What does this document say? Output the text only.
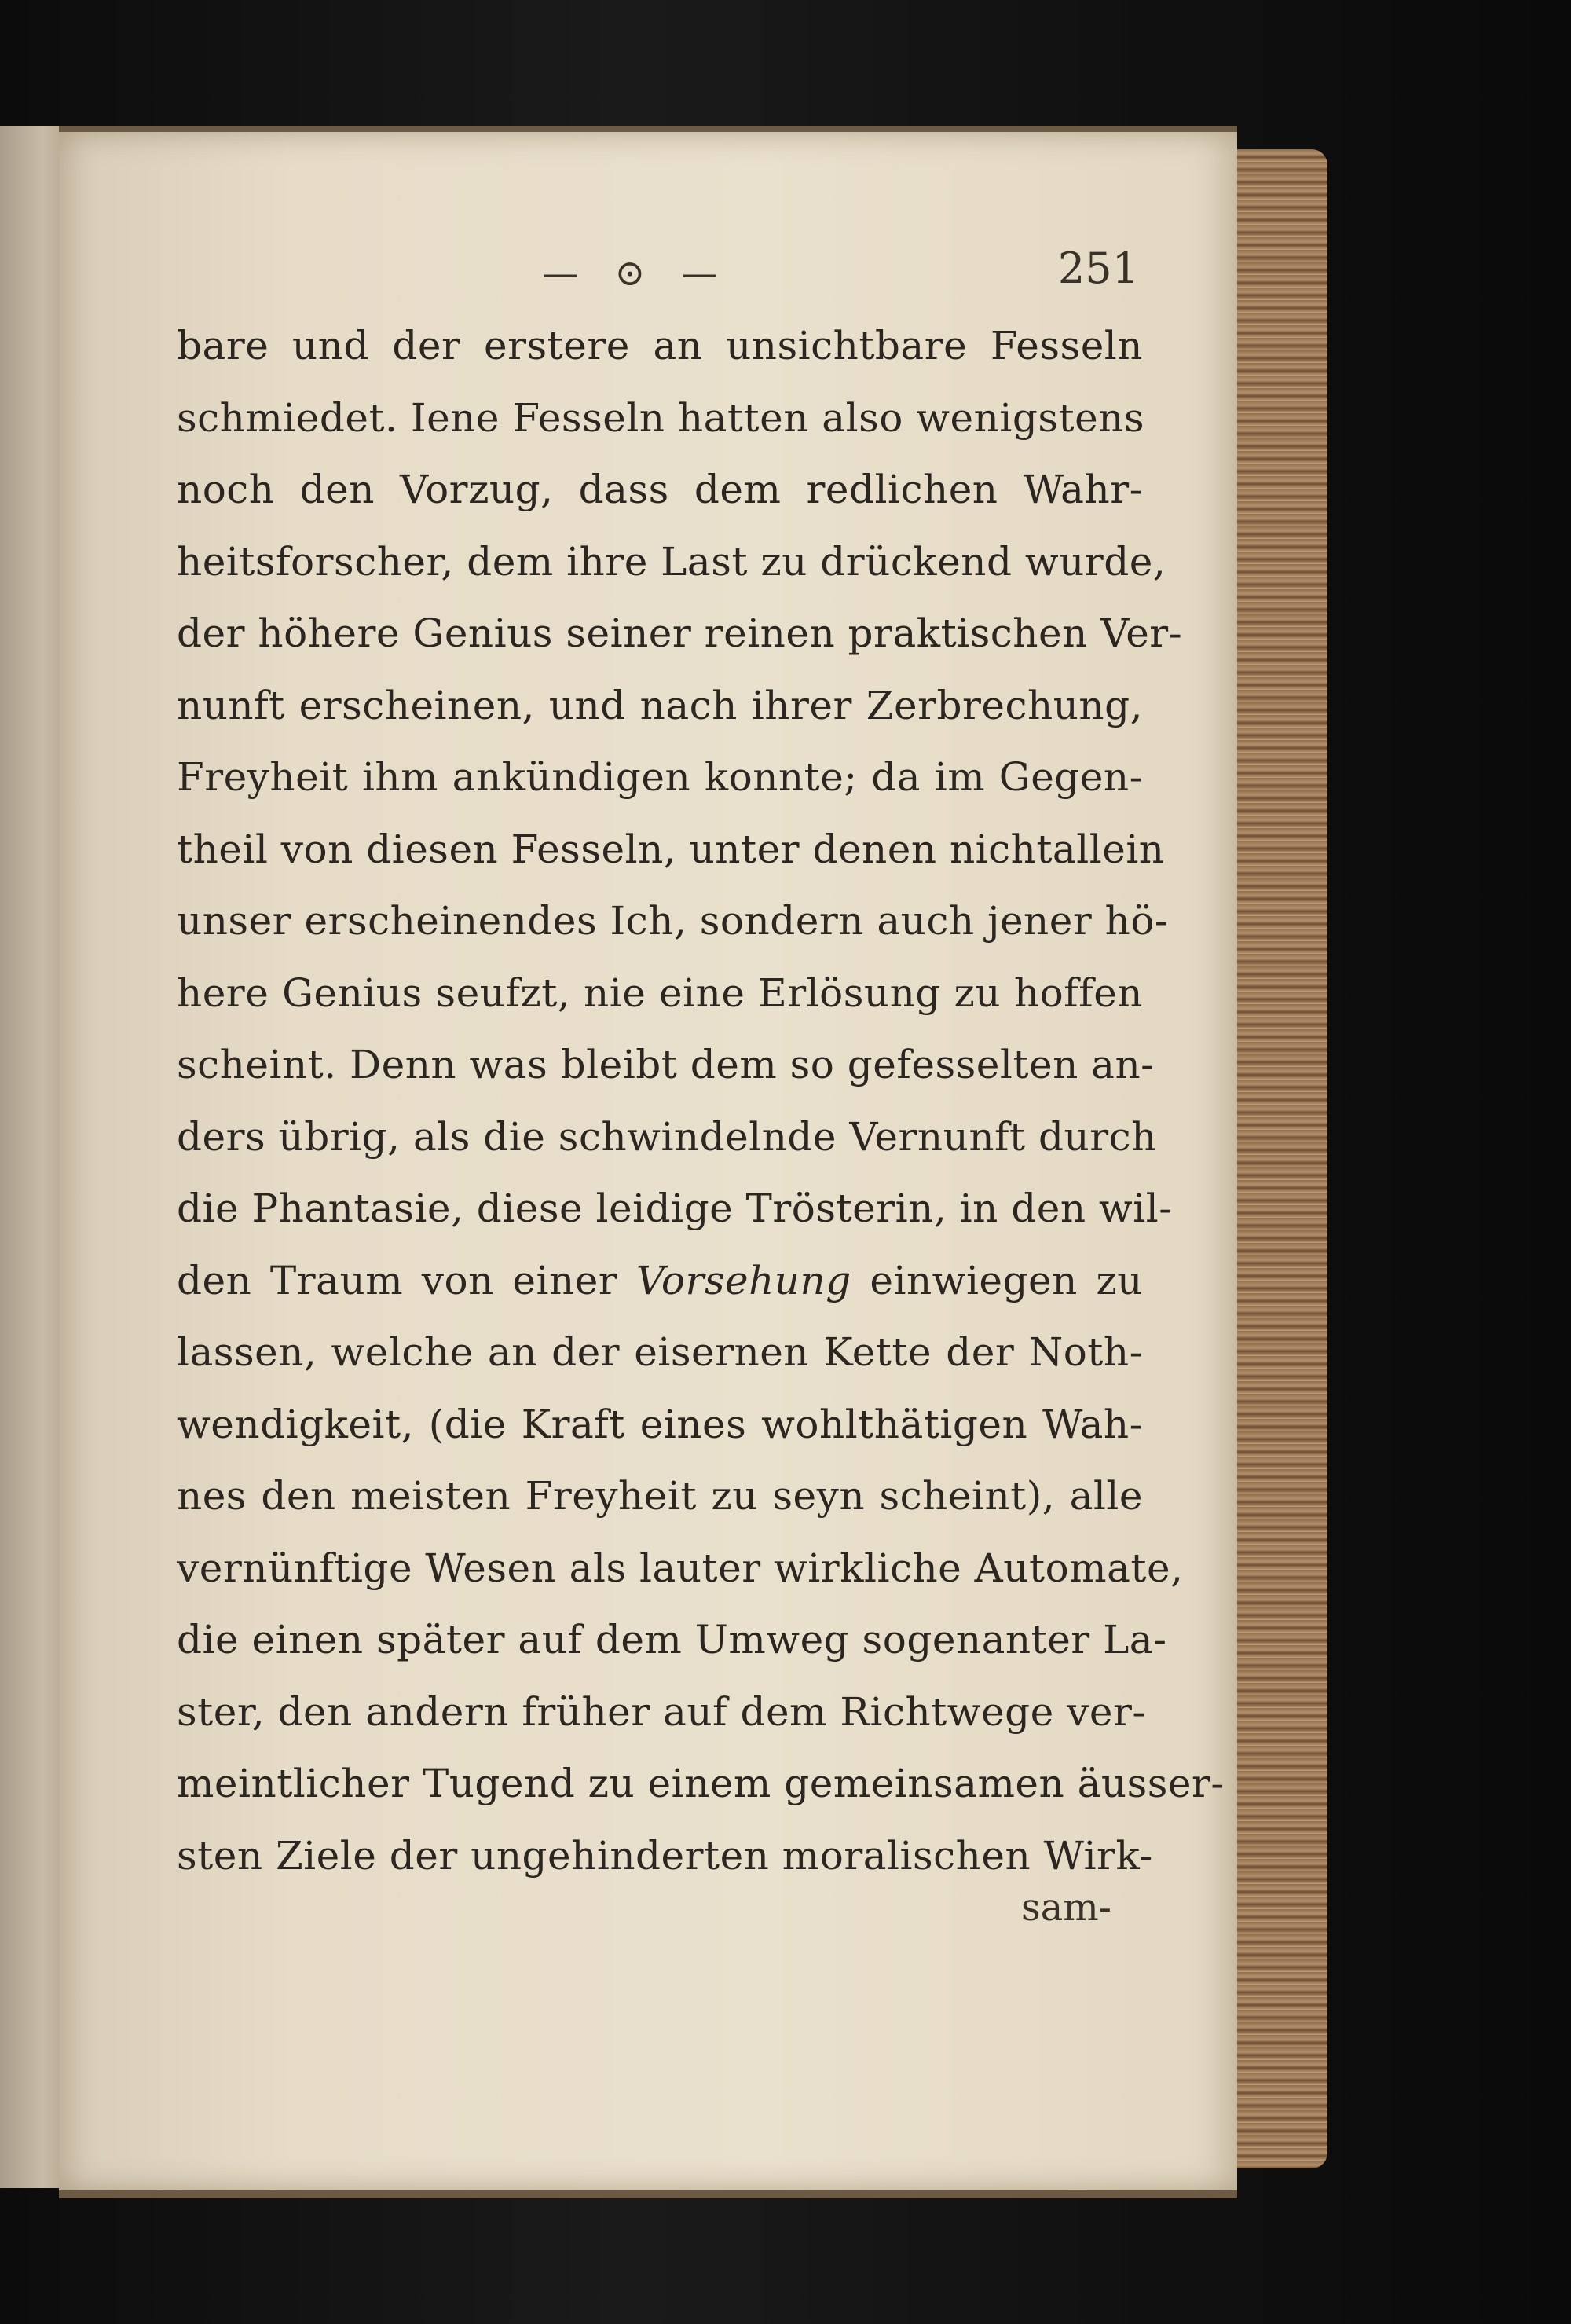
— ⊙ —	251
bare und der erstere an unsichtbare Fesseln
schmiedet. Iene Fesseln hatten also wenigstens
noch den Vorzug, dass dem redlichen Wahr-
heitsforscher, dem ihre Last zu drückend wurde,
der höhere Genius seiner reinen praktischen Ver-
nunft erscheinen, und nach ihrer Zerbrechung,
Freyheit ihm ankündigen konnte; da im Gegen-
theil von diesen Fesseln, unter denen nichtallein
unser erscheinendes Ich, sondern auch jener hö-
here Genius seufzt, nie eine Erlösung zu hoffen
scheint. Denn was bleibt dem so gefesselten an-
ders übrig, als die schwindelnde Vernunft durch
die Phantasie, diese leidige Trösterin, in den wil-
den Traum von einer Vorsehung einwiegen zu
lassen, welche an der eisernen Kette der Noth-
wendigkeit, (die Kraft eines wohlthätigen Wah-
nes den meisten Freyheit zu seyn scheint), alle
vernünftige Wesen als lauter wirkliche Automate,
die einen später auf dem Umweg sogenanter La-
ster, den andern früher auf dem Richtwege ver-
meintlicher Tugend zu einem gemeinsamen äusser-
sten Ziele der ungehinderten moralischen Wirk-
sam-
